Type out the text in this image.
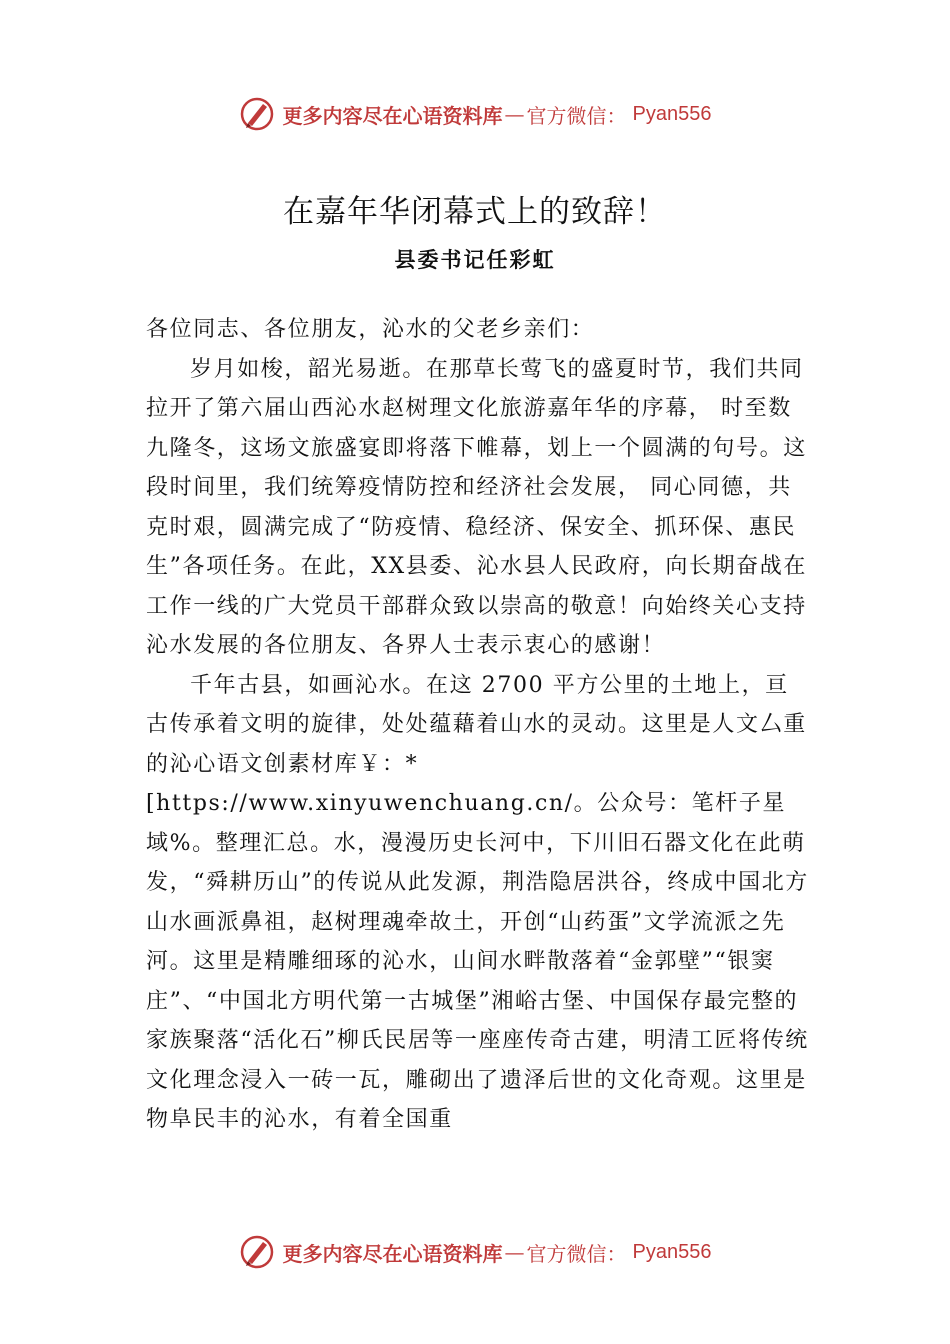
更多内容尽在心语资料库 — 官方微信： Pyan556
在嘉年华闭幕式上的致辞！
县委书记任彩虹

各位同志、各位朋友，沁水的父老乡亲们：

岁月如梭，韶光易逝。在那草长莺飞的盛夏时节，我们共同拉开了第六届山西沁水赵树理文化旅游嘉年华的序幕， 时至数九隆冬，这场文旅盛宴即将落下帷幕，划上一个圆满的句号。这段时间里，我们统筹疫情防控和经济社会发展， 同心同德，共克时艰，圆满完成了“防疫情、稳经济、保安全、抓环保、惠民生”各项任务。在此，XX县委、沁水县人民政府，向长期奋战在工作一线的广大党员干部群众致以崇高的敬意！向始终关心支持沁水发展的各位朋友、各界人士表示衷心的感谢！

千年古县，如画沁水。在这 2700 平方公里的土地上，亘古传承着文明的旋律，处处蕴藉着山水的灵动。这里是人文厶重的沁心语文创素材库￥：*[https://www.xinyuwenchuang.cn/。公众号：笔杆子星域%。整理汇总。水，漫漫历史长河中，下川旧石器文化在此萌发，“舜耕历山”的传说从此发源，荆浩隐居洪谷，终成中国北方山水画派鼻祖，赵树理魂牵故土，开创“山药蛋”文学流派之先河。这里是精雕细琢的沁水，山间水畔散落着“金郭壁”“银窦庄”、“中国北方明代第一古城堡”湘峪古堡、中国保存最完整的家族聚落“活化石”柳氏民居等一座座传奇古建，明清工匠将传统文化理念浸入一砖一瓦，雕砌出了遗泽后世的文化奇观。这里是物阜民丰的沁水，有着全国重

更多内容尽在心语资料库 — 官方微信： Pyan556
